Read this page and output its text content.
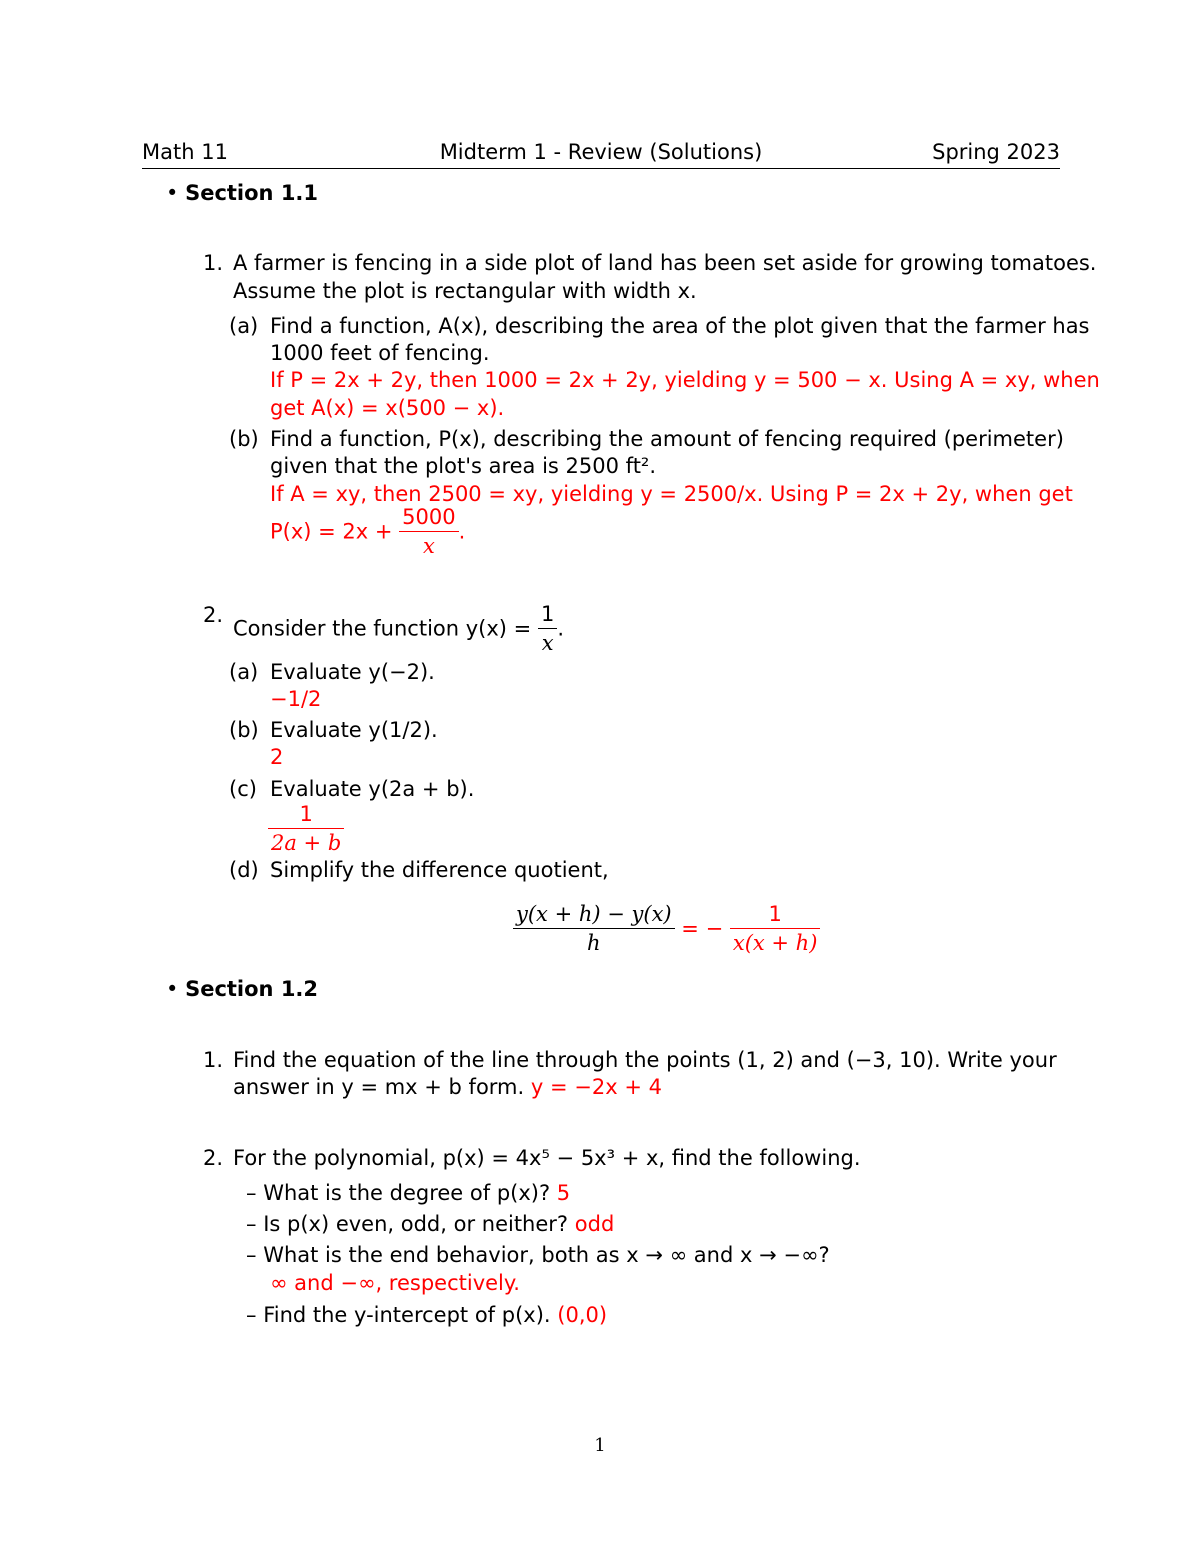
Math 11	Midterm 1 - Review (Solutions)	Spring 2023
• Section 1.1
1. A farmer is fencing in a side plot of land has been set aside for growing tomatoes.
Assume the plot is rectangular with width x.
(a) Find a function, A(x), describing the area of the plot given that the farmer has
1000 feet of fencing.
If P = 2x + 2y, then 1000 = 2x + 2y, yielding y = 500 − x. Using A = xy, when
get A(x) = x(500 − x).
(b) Find a function, P(x), describing the amount of fencing required (perimeter)
given that the plot's area is 2500 ft².
If A = xy, then 2500 = xy, yielding y = 2500/x. Using P = 2x + 2y, when get
$P(x) = 2x + \frac{5000}{x}$ .
2.
Consider the function $y(x) = \frac{1}{x}$ .
(a) Evaluate y(−2).
−1/2
(b) Evaluate y(1/2).
2
(c) Evaluate y(2a + b).
$\frac{1}{2a + b}$
(d) Simplify the difference quotient,
$\frac{y(x + h) - y(x)}{h}$ = − $\frac{1}{x(x + h)}$
• Section 1.2
1. Find the equation of the line through the points (1, 2) and (−3, 10). Write your
answer in y = mx + b form. y = −2x + 4
2. For the polynomial, p(x) = 4x⁵ − 5x³ + x, find the following.
– What is the degree of p(x)? 5
– Is p(x) even, odd, or neither? odd
– What is the end behavior, both as x → ∞ and x → −∞?
∞ and −∞, respectively.
– Find the y-intercept of p(x). (0,0)
1
